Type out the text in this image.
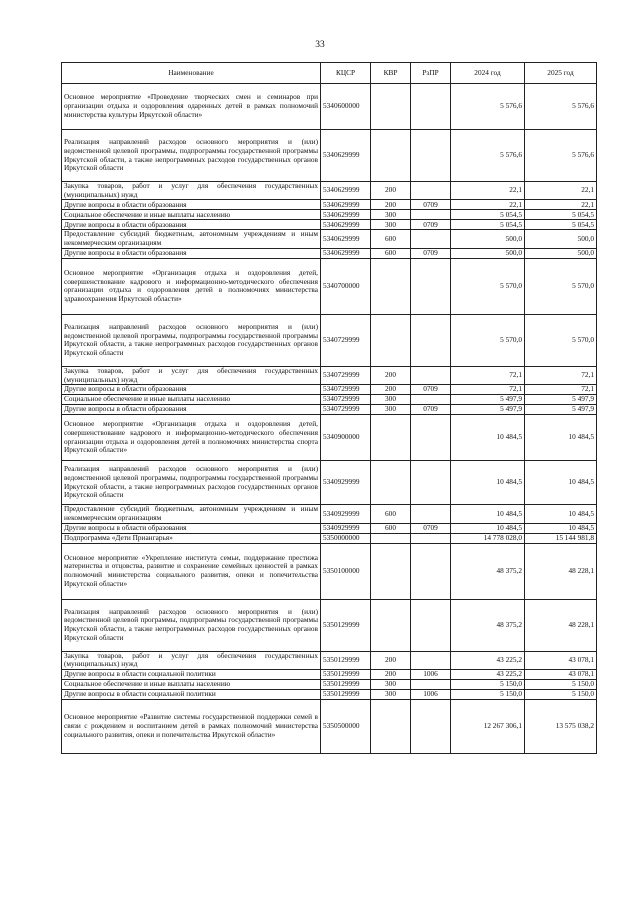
33
Наименование	КЦСР	КВР	РзПР	2024 год	2025 год
Основное мероприятие «Проведение творческих смен и семинаров при организации отдыха и оздоровления одаренных детей в рамках полномочий министерства культуры Иркутской области»	5340600000			5 576,6	5 576,6
Реализация направлений расходов основного мероприятия и (или) ведомственной целевой программы, подпрограммы государственной программы Иркутской области, а также непрограммных расходов государственных органов Иркутской области	5340629999			5 576,6	5 576,6
Закупка товаров, работ и услуг для обеспечения государственных (муниципальных) нужд	5340629999	200		22,1	22,1
Другие вопросы в области образования	5340629999	200	0709	22,1	22,1
Социальное обеспечение и иные выплаты населению	5340629999	300		5 054,5	5 054,5
Другие вопросы в области образования	5340629999	300	0709	5 054,5	5 054,5
Предоставление субсидий бюджетным, автономным учреждениям и иным некоммерческим организациям	5340629999	600		500,0	500,0
Другие вопросы в области образования	5340629999	600	0709	500,0	500,0
Основное мероприятие «Организация отдыха и оздоровления детей, совершенствование кадрового и информационно-методического обеспечения организации отдыха и оздоровления детей в полномочиях министерства здравоохранения Иркутской области»	5340700000			5 570,0	5 570,0
Реализация направлений расходов основного мероприятия и (или) ведомственной целевой программы, подпрограммы государственной программы Иркутской области, а также непрограммных расходов государственных органов Иркутской области	5340729999			5 570,0	5 570,0
Закупка товаров, работ и услуг для обеспечения государственных (муниципальных) нужд	5340729999	200		72,1	72,1
Другие вопросы в области образования	5340729999	200	0709	72,1	72,1
Социальное обеспечение и иные выплаты населению	5340729999	300		5 497,9	5 497,9
Другие вопросы в области образования	5340729999	300	0709	5 497,9	5 497,9
Основное мероприятие «Организация отдыха и оздоровления детей, совершенствование кадрового и информационно-методического обеспечения организации отдыха и оздоровления детей в полномочиях министерства спорта Иркутской области»	5340900000			10 484,5	10 484,5
Реализация направлений расходов основного мероприятия и (или) ведомственной целевой программы, подпрограммы государственной программы Иркутской области, а также непрограммных расходов государственных органов Иркутской области	5340929999			10 484,5	10 484,5
Предоставление субсидий бюджетным, автономным учреждениям и иным некоммерческим организациям	5340929999	600		10 484,5	10 484,5
Другие вопросы в области образования	5340929999	600	0709	10 484,5	10 484,5
Подпрограмма «Дети Приангарья»	5350000000			14 778 028,0	15 144 981,8
Основное мероприятие «Укрепление института семьи, поддержание престижа материнства и отцовства, развитие и сохранение семейных ценностей в рамках полномочий министерства социального развития, опеки и попечительства Иркутской области»	5350100000			48 375,2	48 228,1
Реализация направлений расходов основного мероприятия и (или) ведомственной целевой программы, подпрограммы государственной программы Иркутской области, а также непрограммных расходов государственных органов Иркутской области	5350129999			48 375,2	48 228,1
Закупка товаров, работ и услуг для обеспечения государственных (муниципальных) нужд	5350129999	200		43 225,2	43 078,1
Другие вопросы в области социальной политики	5350129999	200	1006	43 225,2	43 078,1
Социальное обеспечение и иные выплаты населению	5350129999	300		5 150,0	5 150,0
Другие вопросы в области социальной политики	5350129999	300	1006	5 150,0	5 150,0
Основное мероприятие «Развитие системы государственной поддержки семей в связи с рождением и воспитанием детей в рамках полномочий министерства социального развития, опеки и попечительства Иркутской области»	5350500000			12 267 306,1	13 575 038,2
